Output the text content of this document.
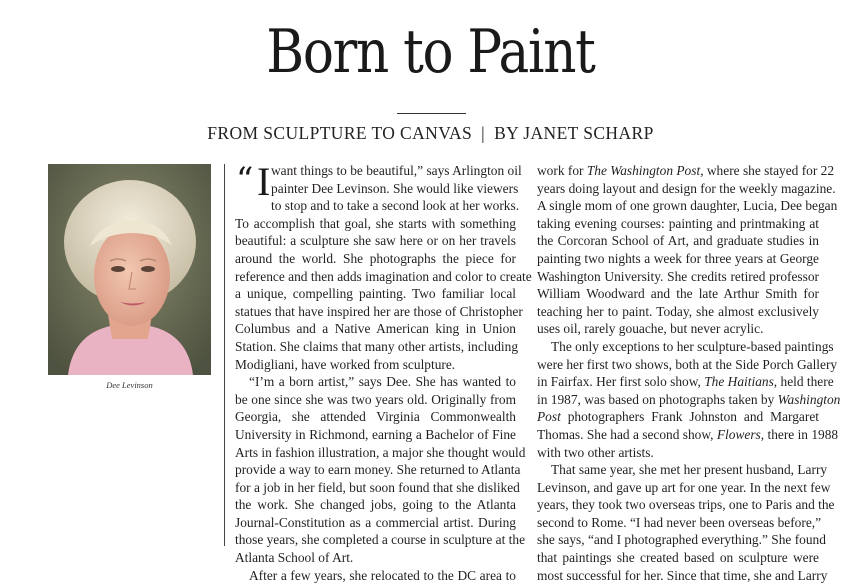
Born to Paint
FROM SCULPTURE TO CANVAS | BY JANET SCHARP
Dee Levinson
“ I want things to be beautiful,” says Arlington oil
painter Dee Levinson. She would like viewers
to stop and to take a second look at her works.
To accomplish that goal, she starts with something
beautiful: a sculpture she saw here or on her travels
around the world. She photographs the piece for
reference and then adds imagination and color to create
a unique, compelling painting. Two familiar local
statues that have inspired her are those of Christopher
Columbus and a Native American king in Union
Station. She claims that many other artists, including
Modigliani, have worked from sculpture.
“I’m a born artist,” says Dee. She has wanted to
be one since she was two years old. Originally from
Georgia, she attended Virginia Commonwealth
University in Richmond, earning a Bachelor of Fine
Arts in fashion illustration, a major she thought would
provide a way to earn money. She returned to Atlanta
for a job in her field, but soon found that she disliked
the work. She changed jobs, going to the Atlanta
Journal-Constitution as a commercial artist. During
those years, she completed a course in sculpture at the
Atlanta School of Art.
After a few years, she relocated to the DC area to
work for The Washington Post, where she stayed for 22
years doing layout and design for the weekly magazine.
A single mom of one grown daughter, Lucia, Dee began
taking evening courses: painting and printmaking at
the Corcoran School of Art, and graduate studies in
painting two nights a week for three years at George
Washington University. She credits retired professor
William Woodward and the late Arthur Smith for
teaching her to paint. Today, she almost exclusively
uses oil, rarely gouache, but never acrylic.
The only exceptions to her sculpture-based paintings
were her first two shows, both at the Side Porch Gallery
in Fairfax. Her first solo show, The Haitians, held there
in 1987, was based on photographs taken by Washington
Post photographers Frank Johnston and Margaret
Thomas. She had a second show, Flowers, there in 1988
with two other artists.
That same year, she met her present husband, Larry
Levinson, and gave up art for one year. In the next few
years, they took two overseas trips, one to Paris and the
second to Rome. “I had never been overseas before,”
she says, “and I photographed everything.” She found
that paintings she created based on sculpture were
most successful for her. Since that time, she and Larry
